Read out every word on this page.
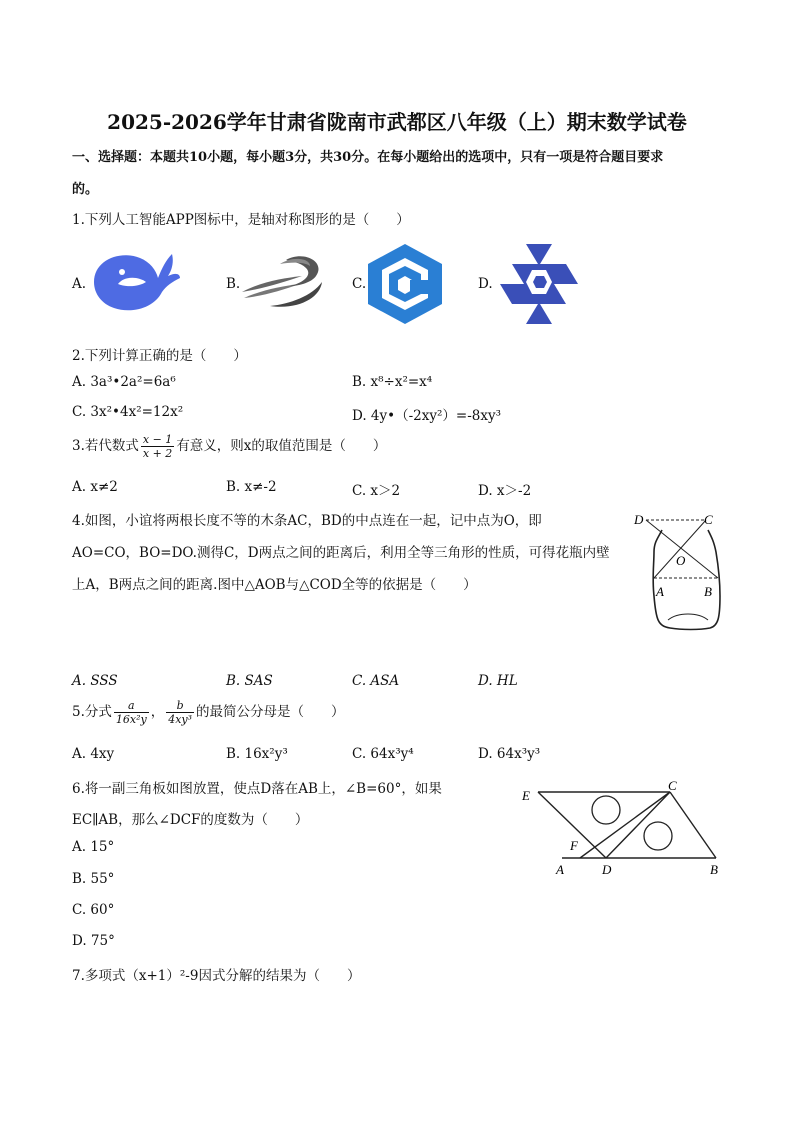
2025-2026学年甘肃省陇南市武都区八年级（上）期末数学试卷
一、选择题：本题共10小题，每小题3分，共30分。在每小题给出的选项中，只有一项是符合题目要求
的。
1.下列人工智能APP图标中，是轴对称图形的是（　　）
A.	B.	C.	D.
2.下列计算正确的是（　　）
A. 3a³•2a²=6a⁶	B. x⁸÷x²=x⁴
C. 3x²•4x²=12x²	D. 4y•（-2xy²）=-8xy³
3.若代数式 $\frac{x - 1}{x + 2}$ 有意义，则x的取值范围是（　　）
A. x≠2	B. x≠-2	C. x＞2	D. x＞-2
4.如图，小谊将两根长度不等的木条AC，BD的中点连在一起，记中点为O，即
AO=CO，BO=DO.测得C，D两点之间的距离后，利用全等三角形的性质，可得花瓶内壁
上A，B两点之间的距离.图中△AOB与△COD全等的依据是（　　）
D	C
O
A	B
A. SSS	B. SAS	C. ASA	D. HL
5.分式 $\frac{a}{\text{16x²y}}$ ， $\frac{b}{\text{4xy³}}$ 的最简公分母是（　　）
A. 4xy	B. 16x²y³	C. 64x³y⁴	D. 64x³y³
6.将一副三角板如图放置，使点D落在AB上，∠B=60°，如果
EC∥AB，那么∠DCF的度数为（　　）
A. 15°
B. 55°
C. 60°
D. 75°
E
C
F
A	D	B
7.多项式（x+1）²-9因式分解的结果为（　　）
